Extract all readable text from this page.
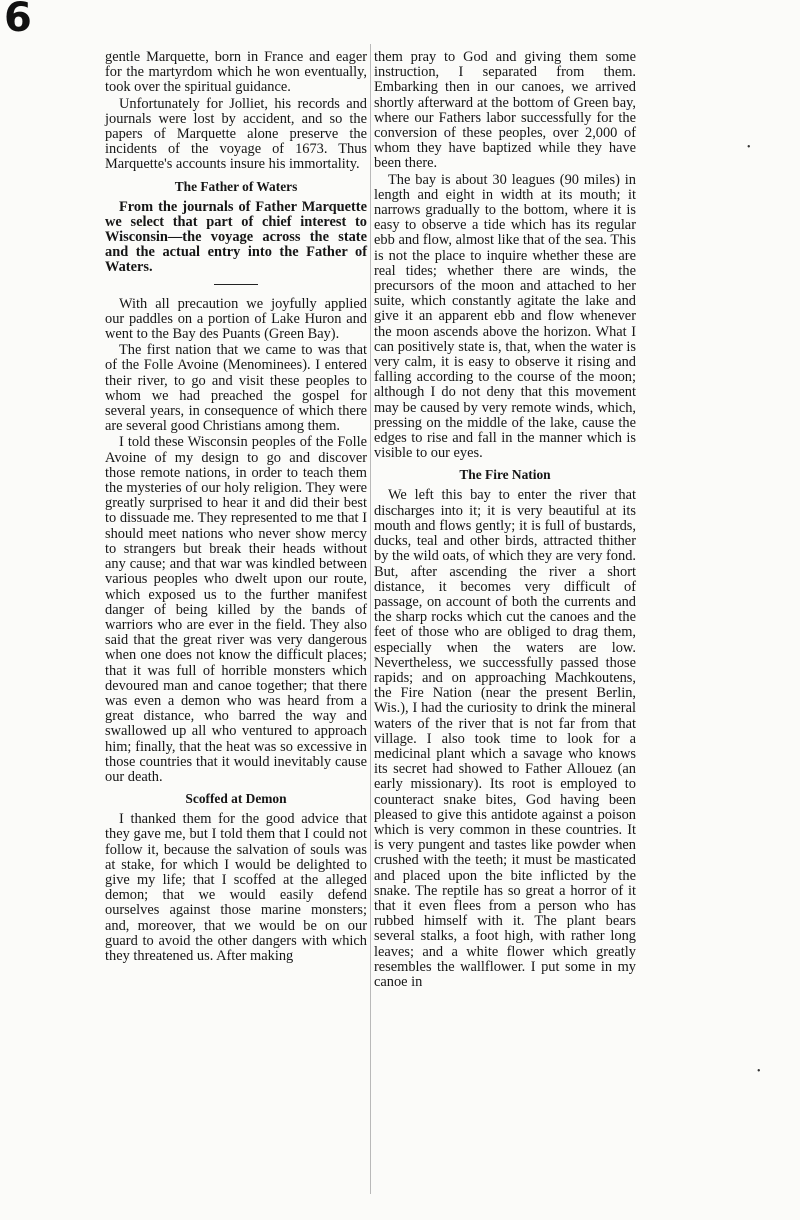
6

gentle Marquette, born in France and eager for the martyrdom which he won eventually, took over the spiritual guidance.

Unfortunately for Jolliet, his records and journals were lost by accident, and so the papers of Marquette alone preserve the incidents of the voyage of 1673. Thus Marquette's accounts insure his immortality.

The Father of Waters

From the journals of Father Marquette we select that part of chief interest to Wisconsin—the voyage across the state and the actual entry into the Father of Waters.

With all precaution we joyfully applied our paddles on a portion of Lake Huron and went to the Bay des Puants (Green Bay).

The first nation that we came to was that of the Folle Avoine (Menominees). I entered their river, to go and visit these peoples to whom we had preached the gospel for several years, in consequence of which there are several good Christians among them.

I told these Wisconsin peoples of the Folle Avoine of my design to go and discover those remote nations, in order to teach them the mysteries of our holy religion. They were greatly surprised to hear it and did their best to dissuade me. They represented to me that I should meet nations who never show mercy to strangers but break their heads without any cause; and that war was kindled between various peoples who dwelt upon our route, which exposed us to the further manifest danger of being killed by the bands of warriors who are ever in the field. They also said that the great river was very dangerous when one does not know the difficult places; that it was full of horrible monsters which devoured man and canoe together; that there was even a demon who was heard from a great distance, who barred the way and swallowed up all who ventured to approach him; finally, that the heat was so excessive in those countries that it would inevitably cause our death.

Scoffed at Demon

I thanked them for the good advice that they gave me, but I told them that I could not follow it, because the salvation of souls was at stake, for which I would be delighted to give my life; that I scoffed at the alleged demon; that we would easily defend ourselves against those marine monsters; and, moreover, that we would be on our guard to avoid the other dangers with which they threatened us. After making

them pray to God and giving them some instruction, I separated from them. Embarking then in our canoes, we arrived shortly afterward at the bottom of Green bay, where our Fathers labor successfully for the conversion of these peoples, over 2,000 of whom they have baptized while they have been there.

The bay is about 30 leagues (90 miles) in length and eight in width at its mouth; it narrows gradually to the bottom, where it is easy to observe a tide which has its regular ebb and flow, almost like that of the sea. This is not the place to inquire whether these are real tides; whether there are winds, the precursors of the moon and attached to her suite, which constantly agitate the lake and give it an apparent ebb and flow whenever the moon ascends above the horizon. What I can positively state is, that, when the water is very calm, it is easy to observe it rising and falling according to the course of the moon; although I do not deny that this movement may be caused by very remote winds, which, pressing on the middle of the lake, cause the edges to rise and fall in the manner which is visible to our eyes.

The Fire Nation

We left this bay to enter the river that discharges into it; it is very beautiful at its mouth and flows gently; it is full of bustards, ducks, teal and other birds, attracted thither by the wild oats, of which they are very fond. But, after ascending the river a short distance, it becomes very difficult of passage, on account of both the currents and the sharp rocks which cut the canoes and the feet of those who are obliged to drag them, especially when the waters are low. Nevertheless, we successfully passed those rapids; and on approaching Machkoutens, the Fire Nation (near the present Berlin, Wis.), I had the curiosity to drink the mineral waters of the river that is not far from that village. I also took time to look for a medicinal plant which a savage who knows its secret had showed to Father Allouez (an early missionary). Its root is employed to counteract snake bites, God having been pleased to give this antidote against a poison which is very common in these countries. It is very pungent and tastes like powder when crushed with the teeth; it must be masticated and placed upon the bite inflicted by the snake. The reptile has so great a horror of it that it even flees from a person who has rubbed himself with it. The plant bears several stalks, a foot high, with rather long leaves; and a white flower which greatly resembles the wallflower. I put some in my canoe in

•
•
